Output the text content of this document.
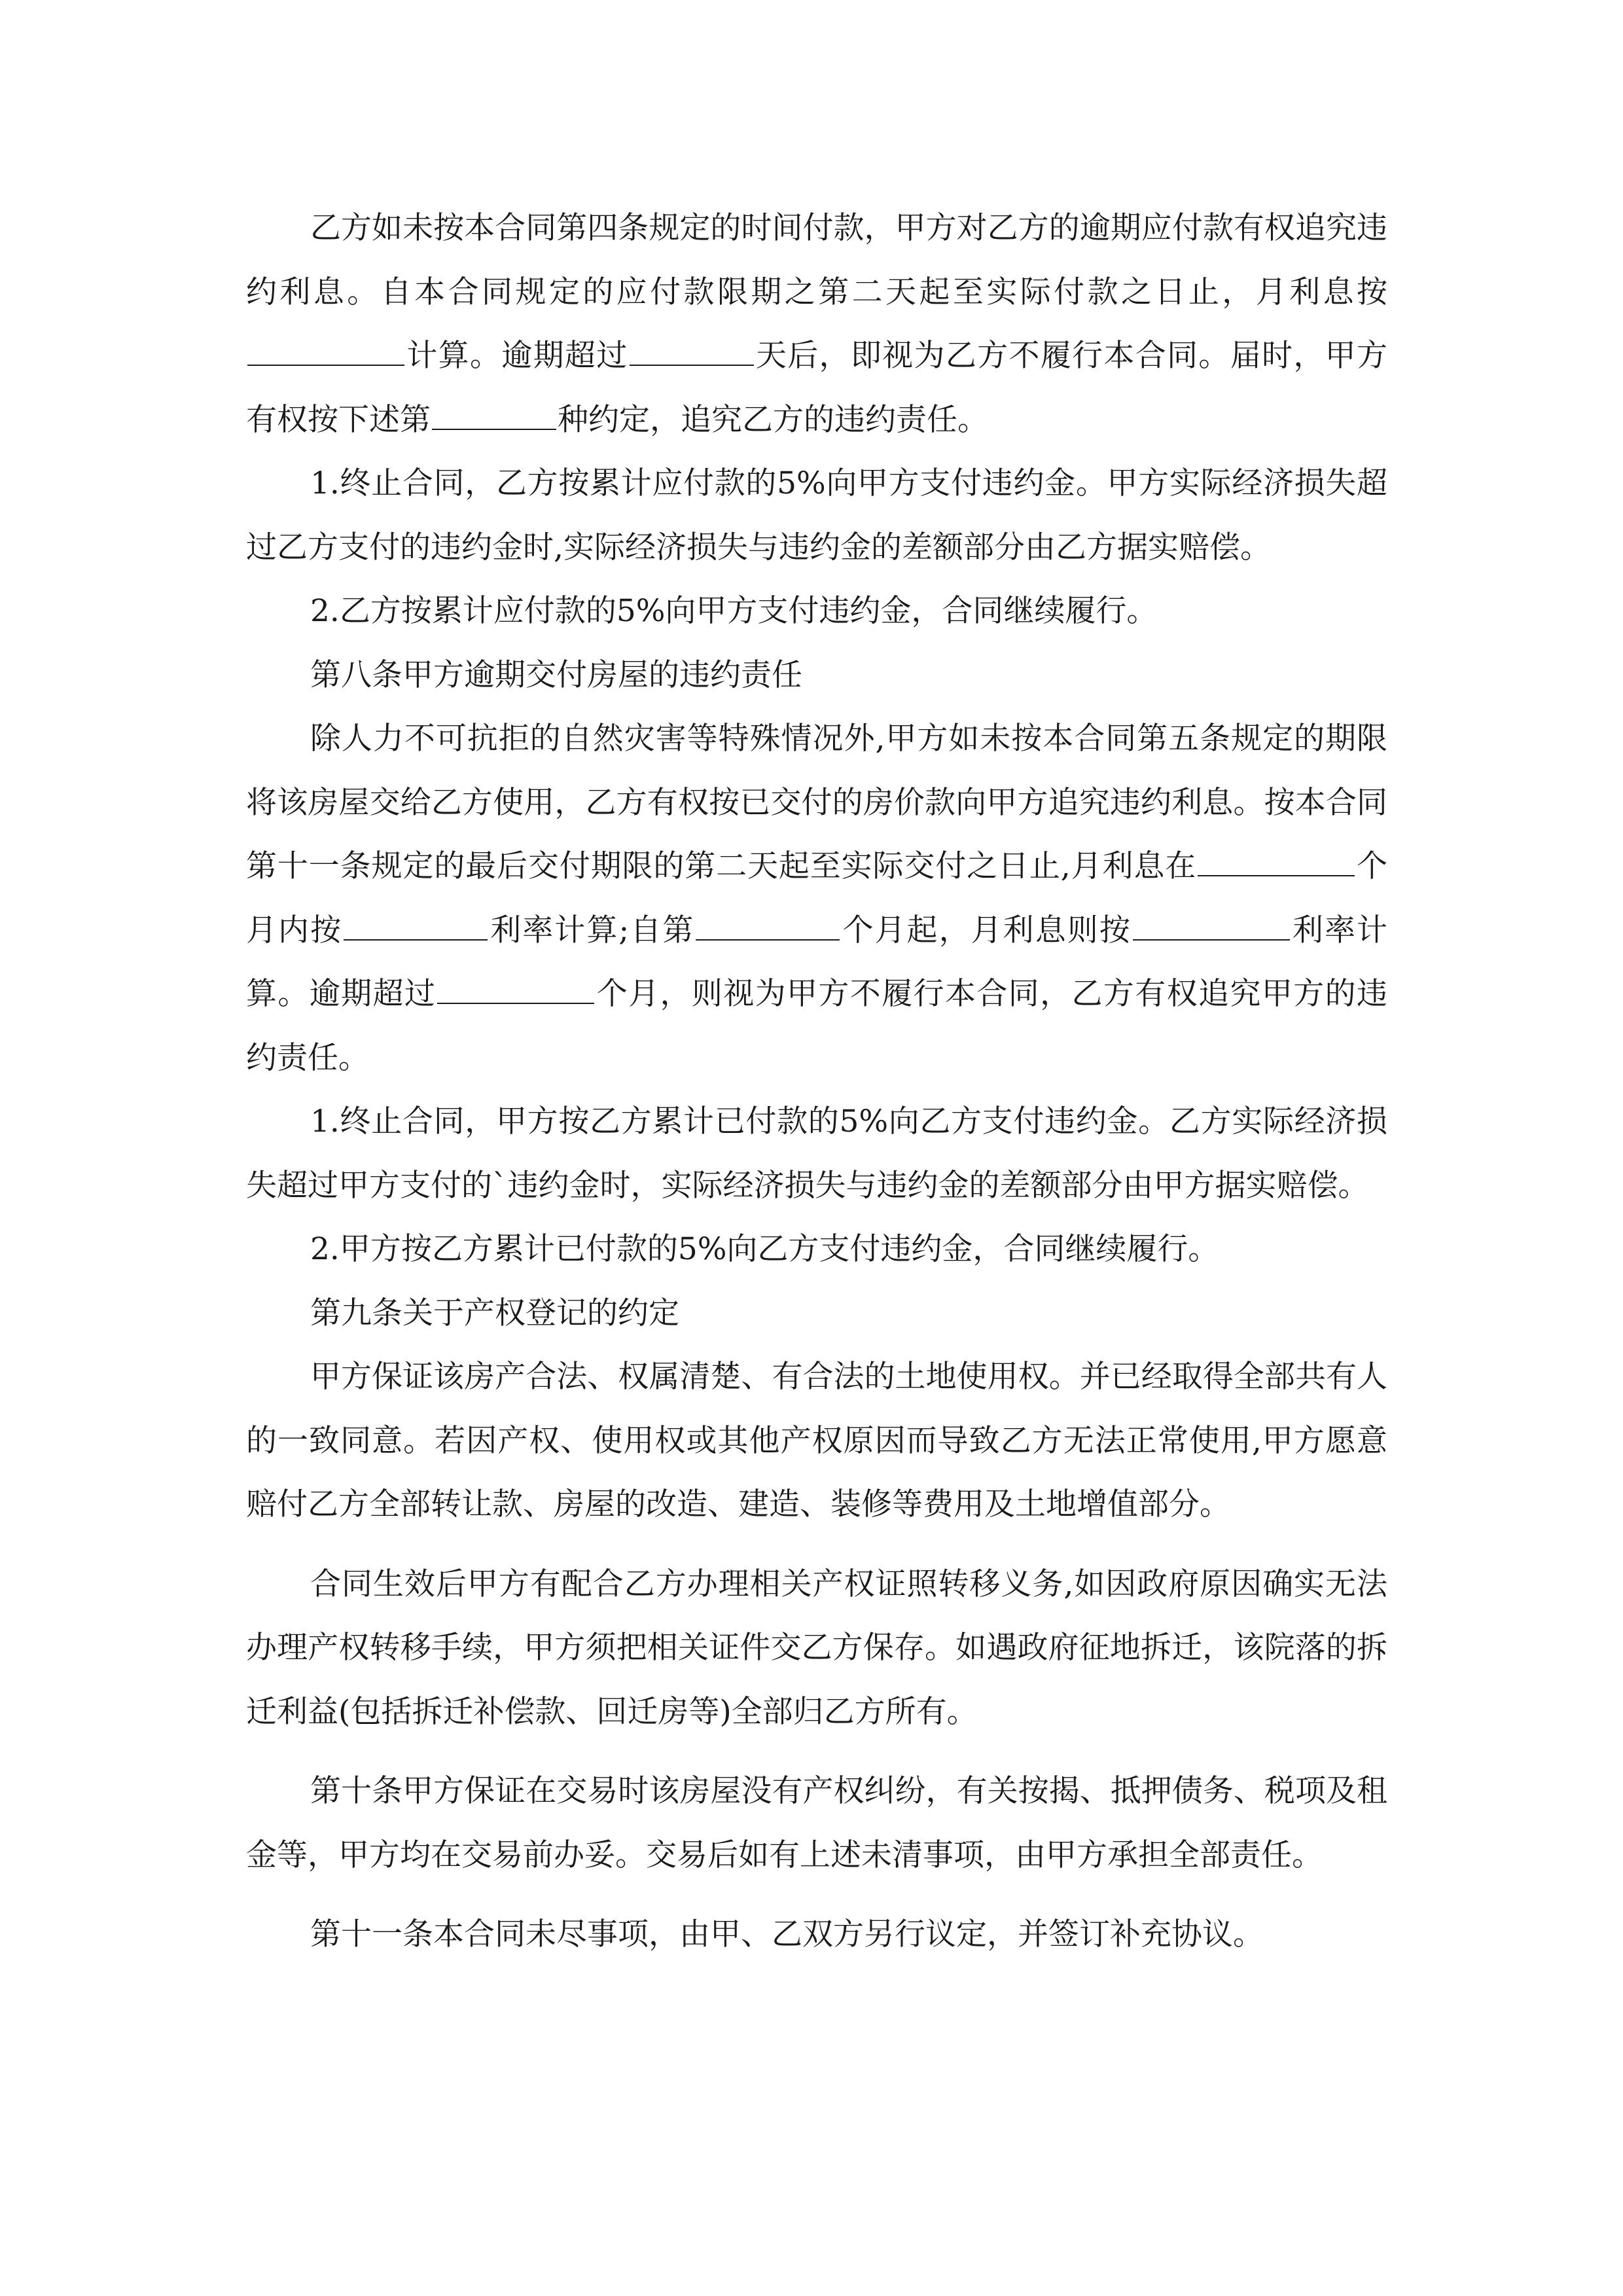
乙方如未按本合同第四条规定的时间付款，甲方对乙方的逾期应付款有权追究违约利息。自本合同规定的应付款限期之第二天起至实际付款之日止，月利息按计算。逾期超过	天后，即视为乙方不履行本合同。届时，甲方有权按下述第	种约定，追究乙方的违约责任。

1.终止合同，乙方按累计应付款的5%向甲方支付违约金。甲方实际经济损失超过乙方支付的违约金时,实际经济损失与违约金的差额部分由乙方据实赔偿。

2.乙方按累计应付款的5%向甲方支付违约金，合同继续履行。

第八条甲方逾期交付房屋的违约责任

除人力不可抗拒的自然灾害等特殊情况外,甲方如未按本合同第五条规定的期限将该房屋交给乙方使用，乙方有权按已交付的房价款向甲方追究违约利息。按本合同第十一条规定的最后交付期限的第二天起至实际交付之日止,月利息在	个月内按	利率计算;自第	个月起，月利息则按	利率计算。逾期超过	个月，则视为甲方不履行本合同，乙方有权追究甲方的违约责任。

1.终止合同，甲方按乙方累计已付款的5%向乙方支付违约金。乙方实际经济损失超过甲方支付的`违约金时，实际经济损失与违约金的差额部分由甲方据实赔偿。

2.甲方按乙方累计已付款的5%向乙方支付违约金，合同继续履行。

第九条关于产权登记的约定

甲方保证该房产合法、权属清楚、有合法的土地使用权。并已经取得全部共有人的一致同意。若因产权、使用权或其他产权原因而导致乙方无法正常使用,甲方愿意赔付乙方全部转让款、房屋的改造、建造、装修等费用及土地增值部分。

合同生效后甲方有配合乙方办理相关产权证照转移义务,如因政府原因确实无法办理产权转移手续，甲方须把相关证件交乙方保存。如遇政府征地拆迁，该院落的拆迁利益(包括拆迁补偿款、回迁房等)全部归乙方所有。

第十条甲方保证在交易时该房屋没有产权纠纷，有关按揭、抵押债务、税项及租金等，甲方均在交易前办妥。交易后如有上述未清事项，由甲方承担全部责任。

第十一条本合同未尽事项，由甲、乙双方另行议定，并签订补充协议。
